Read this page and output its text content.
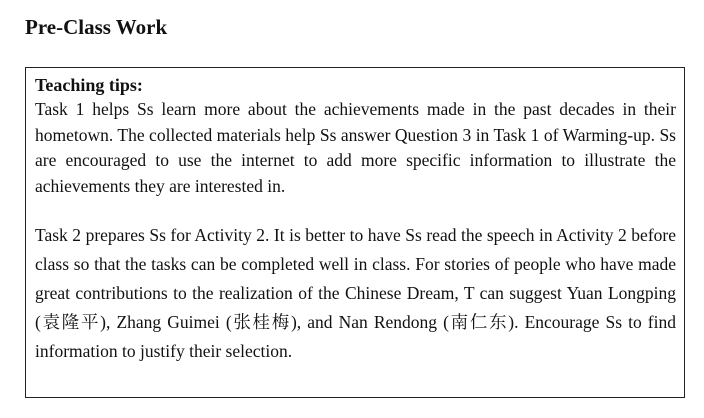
Pre-Class Work

Teaching tips:

Task 1 helps Ss learn more about the achievements made in the past decades in their hometown. The collected materials help Ss answer Question 3 in Task 1 of Warming-up. Ss are encouraged to use the internet to add more specific information to illustrate the achievements they are interested in.

Task 2 prepares Ss for Activity 2. It is better to have Ss read the speech in Activity 2 before class so that the tasks can be completed well in class. For stories of people who have made great contributions to the realization of the Chinese Dream, T can suggest Yuan Longping (袁隆平), Zhang Guimei (张桂梅), and Nan Rendong (南仁东). Encourage Ss to find information to justify their selection.
